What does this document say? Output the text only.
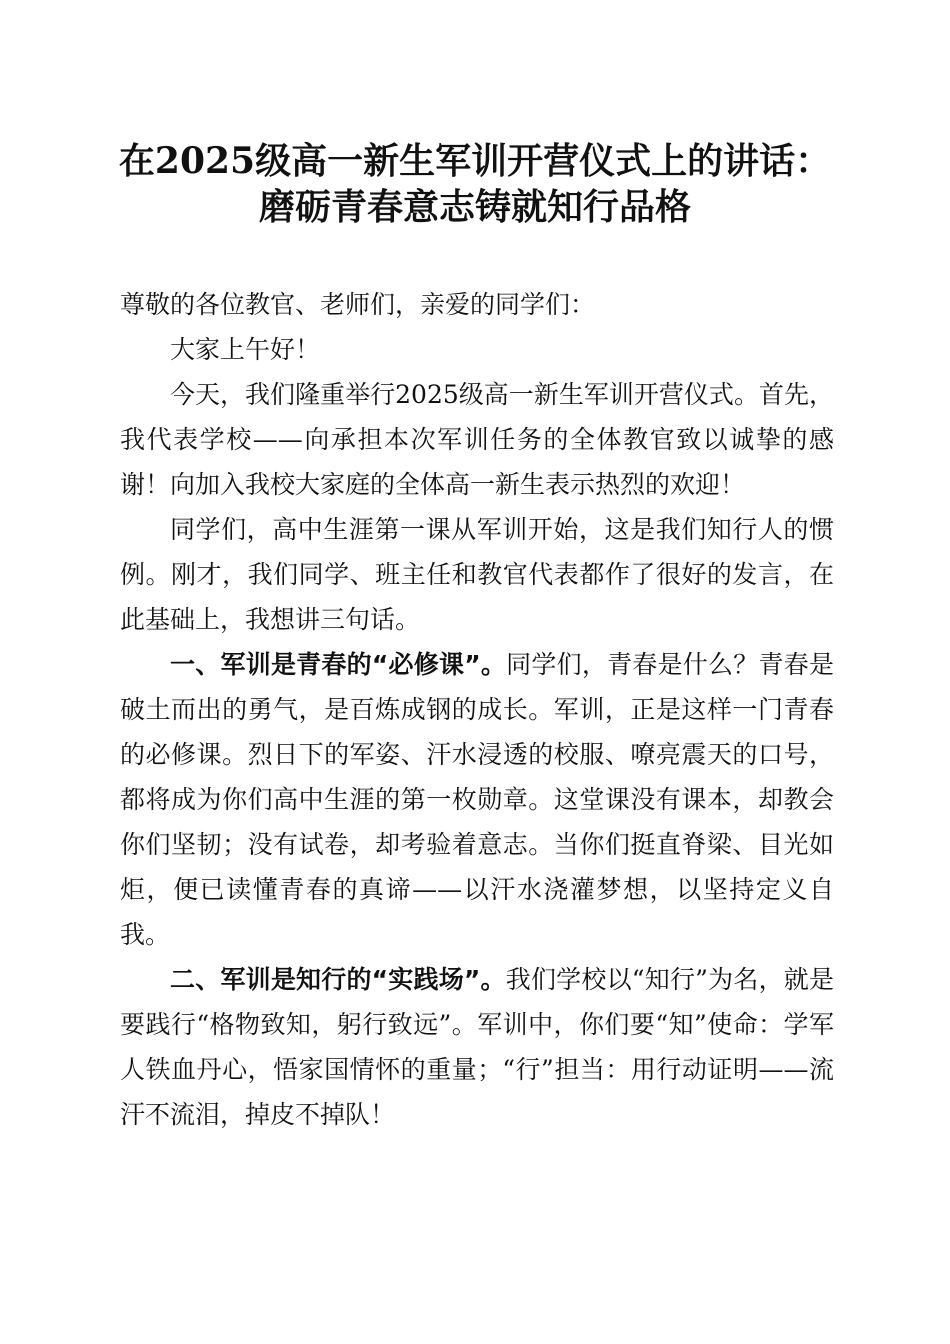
在2025级高一新生军训开营仪式上的讲话：
磨砺青春意志铸就知行品格

尊敬的各位教官、老师们，亲爱的同学们：

大家上午好！

今天，我们隆重举行2025级高一新生军训开营仪式。首先，我代表学校——向承担本次军训任务的全体教官致以诚挚的感谢！向加入我校大家庭的全体高一新生表示热烈的欢迎！

同学们，高中生涯第一课从军训开始，这是我们知行人的惯例。刚才，我们同学、班主任和教官代表都作了很好的发言，在此基础上，我想讲三句话。

一、军训是青春的“必修课”。同学们，青春是什么？青春是破土而出的勇气，是百炼成钢的成长。军训，正是这样一门青春的必修课。烈日下的军姿、汗水浸透的校服、嘹亮震天的口号，都将成为你们高中生涯的第一枚勋章。这堂课没有课本，却教会你们坚韧；没有试卷，却考验着意志。当你们挺直脊梁、目光如炬，便已读懂青春的真谛——以汗水浇灌梦想，以坚持定义自我。

二、军训是知行的“实践场”。我们学校以“知行”为名，就是要践行“格物致知，躬行致远”。军训中，你们要“知”使命：学军人铁血丹心，悟家国情怀的重量；“行”担当：用行动证明——流汗不流泪，掉皮不掉队！
